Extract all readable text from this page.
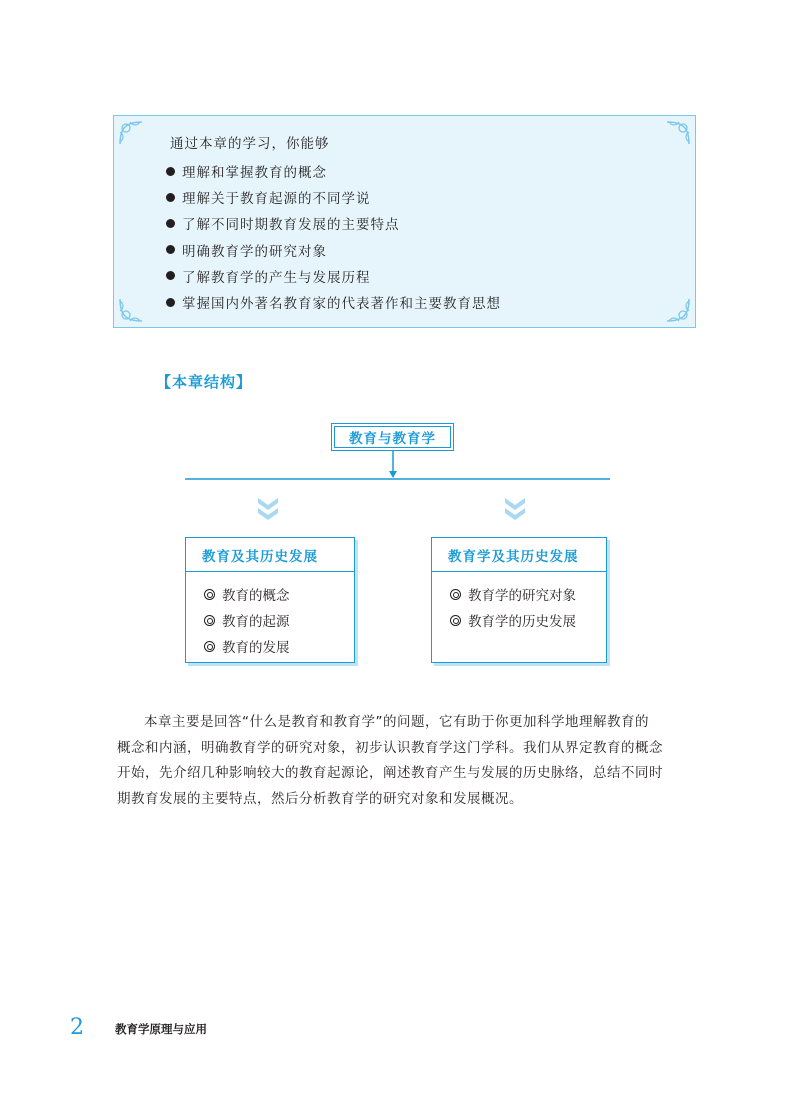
通过本章的学习，你能够
理解和掌握教育的概念
理解关于教育起源的不同学说
了解不同时期教育发展的主要特点
明确教育学的研究对象
了解教育学的产生与发展历程
掌握国内外著名教育家的代表著作和主要教育思想
【本章结构】
教育与教育学
教育及其历史发展
教育的概念
教育的起源
教育的发展
教育学及其历史发展
教育学的研究对象
教育学的历史发展
本章主要是回答“什么是教育和教育学”的问题，它有助于你更加科学地理解教育的
概念和内涵，明确教育学的研究对象，初步认识教育学这门学科。我们从界定教育的概念
开始，先介绍几种影响较大的教育起源论，阐述教育产生与发展的历史脉络，总结不同时
期教育发展的主要特点，然后分析教育学的研究对象和发展概况。
2	教育学原理与应用
